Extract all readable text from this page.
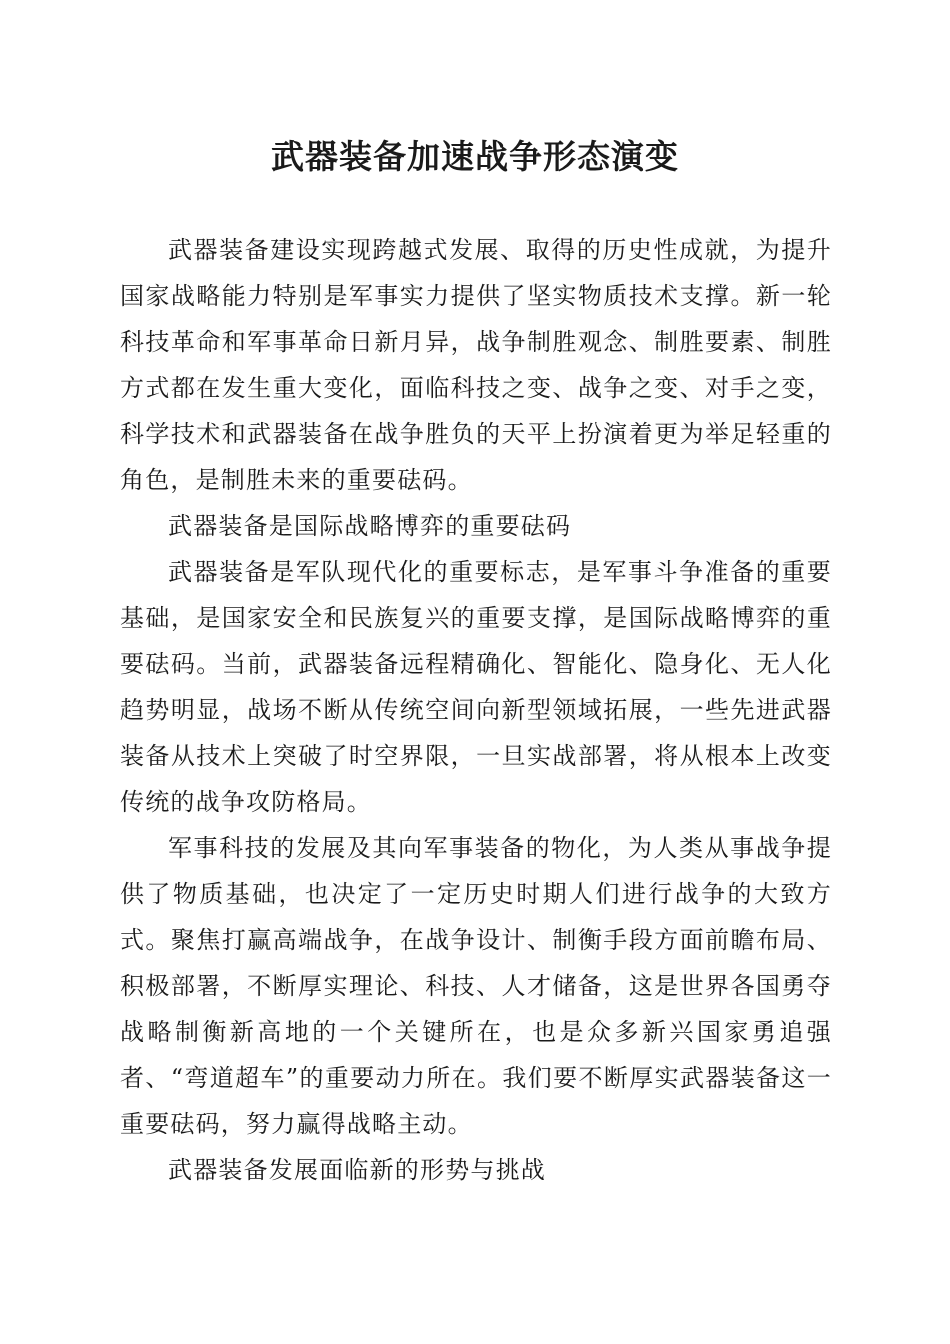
武器装备加速战争形态演变

武器装备建设实现跨越式发展、取得的历史性成就，为提升国家战略能力特别是军事实力提供了坚实物质技术支撑。新一轮科技革命和军事革命日新月异，战争制胜观念、制胜要素、制胜方式都在发生重大变化，面临科技之变、战争之变、对手之变，科学技术和武器装备在战争胜负的天平上扮演着更为举足轻重的角色，是制胜未来的重要砝码。

武器装备是国际战略博弈的重要砝码

武器装备是军队现代化的重要标志，是军事斗争准备的重要基础，是国家安全和民族复兴的重要支撑，是国际战略博弈的重要砝码。当前，武器装备远程精确化、智能化、隐身化、无人化趋势明显，战场不断从传统空间向新型领域拓展，一些先进武器装备从技术上突破了时空界限，一旦实战部署，将从根本上改变传统的战争攻防格局。

军事科技的发展及其向军事装备的物化，为人类从事战争提供了物质基础，也决定了一定历史时期人们进行战争的大致方式。聚焦打赢高端战争，在战争设计、制衡手段方面前瞻布局、积极部署，不断厚实理论、科技、人才储备，这是世界各国勇夺战略制衡新高地的一个关键所在，也是众多新兴国家勇追强者、“弯道超车”的重要动力所在。我们要不断厚实武器装备这一重要砝码，努力赢得战略主动。

武器装备发展面临新的形势与挑战
